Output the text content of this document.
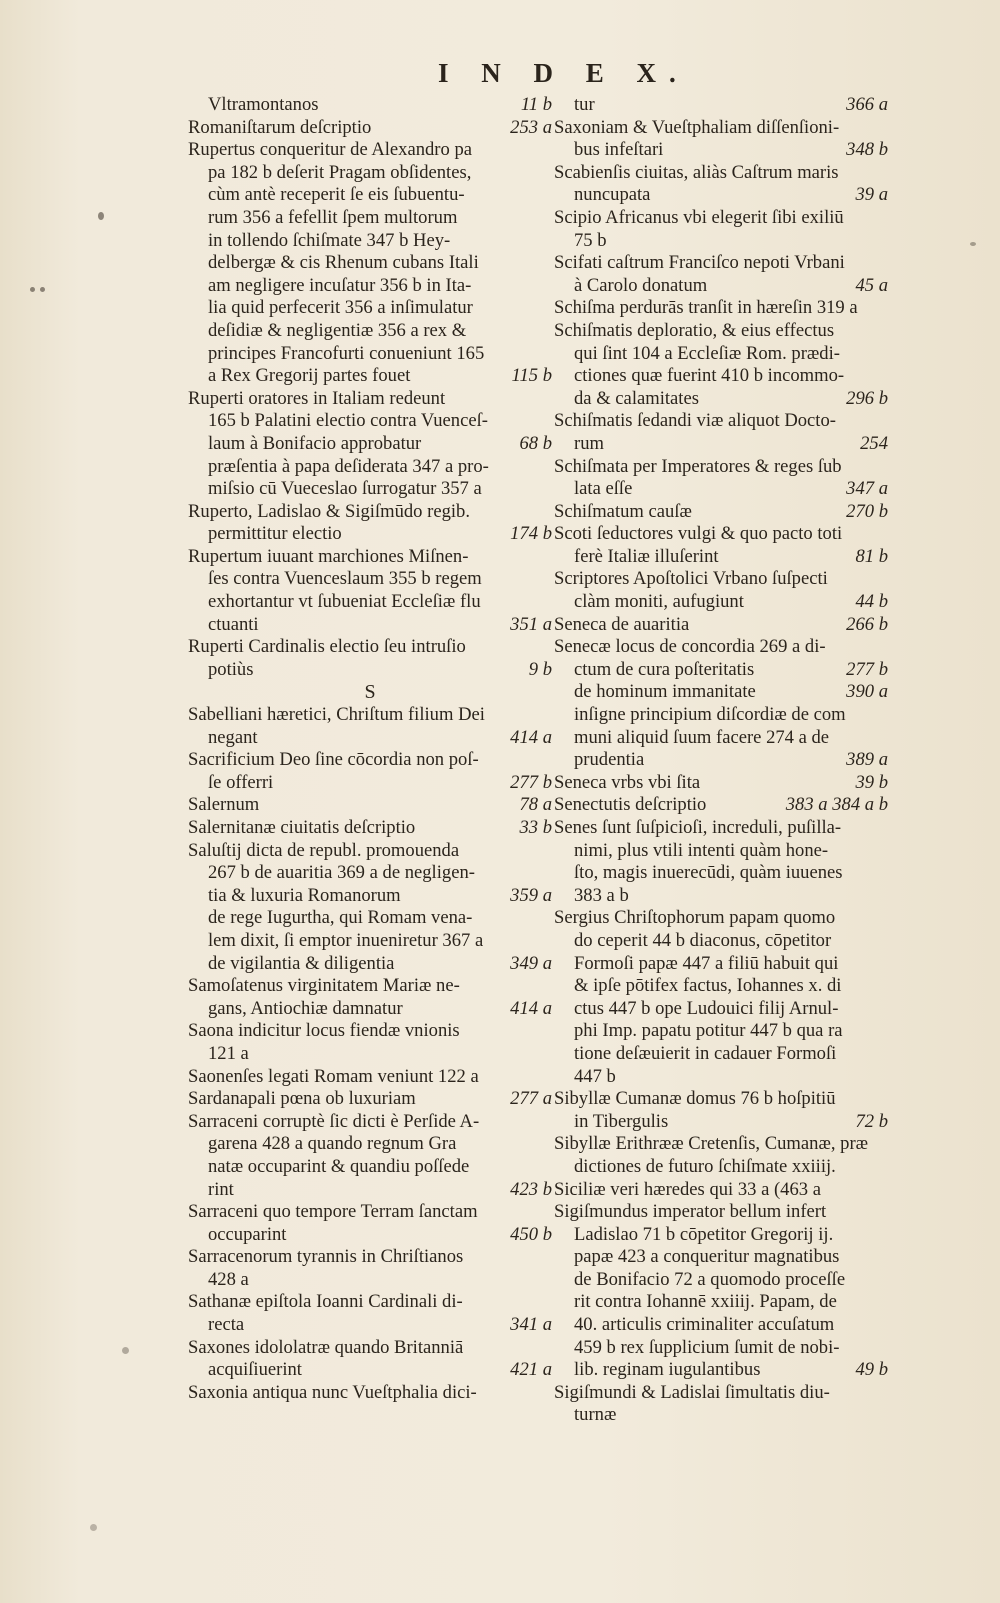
I N D E X.
Vltramontanos	11 b
Romaniſtarum deſcriptio	253 a
Rupertus conqueritur de Alexandro pa
pa 182 b deſerit Pragam obſidentes,
cùm antè receperit ſe eis ſubuentu-
rum 356 a fefellit ſpem multorum
in tollendo ſchiſmate 347 b Hey-
delbergæ & cis Rhenum cubans Itali
am negligere incuſatur 356 b in Ita-
lia quid perfecerit 356 a inſimulatur
deſidiæ & negligentiæ 356 a rex &
principes Francofurti conueniunt 165
a Rex Gregorij partes fouet	115 b
Ruperti oratores in Italiam redeunt
165 b Palatini electio contra Vuenceſ-
laum à Bonifacio approbatur	68 b
præſentia à papa deſiderata 347 a pro-
miſsio cū Vueceslao ſurrogatur 357 a
Ruperto, Ladislao & Sigiſmūdo regib.
permittitur electio	174 b
Rupertum iuuant marchiones Miſnen-
ſes contra Vuenceslaum 355 b regem
exhortantur vt ſubueniat Eccleſiæ flu
ctuanti	351 a
Ruperti Cardinalis electio ſeu intruſio
potiùs	9 b
S
Sabelliani hæretici, Chriſtum filium Dei
negant	414 a
Sacrificium Deo ſine cōcordia non poſ-
ſe offerri	277 b
Salernum	78 a
Salernitanæ ciuitatis deſcriptio	33 b
Saluſtij dicta de republ. promouenda
267 b de auaritia 369 a de negligen-
tia & luxuria Romanorum	359 a
de rege Iugurtha, qui Romam vena-
lem dixit, ſi emptor inueniretur 367 a
de vigilantia & diligentia	349 a
Samoſatenus virginitatem Mariæ ne-
gans, Antiochiæ damnatur	414 a
Saona indicitur locus fiendæ vnionis
121 a
Saonenſes legati Romam veniunt 122 a
Sardanapali pœna ob luxuriam	277 a
Sarraceni corruptè ſic dicti è Perſide A-
garena 428 a quando regnum Gra
natæ occuparint & quandiu poſſede
rint	423 b
Sarraceni quo tempore Terram ſanctam
occuparint	450 b
Sarracenorum tyrannis in Chriſtianos
428 a
Sathanæ epiſtola Ioanni Cardinali di-
recta	341 a
Saxones idololatræ quando Britanniā
acquiſiuerint	421 a
Saxonia antiqua nunc Vueſtphalia dici-
tur	366 a
Saxoniam & Vueſtphaliam diſſenſioni-
bus infeſtari	348 b
Scabienſis ciuitas, aliàs Caſtrum maris
nuncupata	39 a
Scipio Africanus vbi elegerit ſibi exiliū
75 b
Scifati caſtrum Franciſco nepoti Vrbani
à Carolo donatum	45 a
Schiſma perdurās tranſit in hæreſin 319 a
Schiſmatis deploratio, & eius effectus
qui ſint 104 a Eccleſiæ Rom. prædi-
ctiones quæ fuerint 410 b incommo-
da & calamitates	296 b
Schiſmatis ſedandi viæ aliquot Docto-
rum	254
Schiſmata per Imperatores & reges ſub
lata eſſe	347 a
Schiſmatum cauſæ	270 b
Scoti ſeductores vulgi & quo pacto toti
ferè Italiæ illuſerint	81 b
Scriptores Apoſtolici Vrbano ſuſpecti
clàm moniti, aufugiunt	44 b
Seneca de auaritia	266 b
Senecæ locus de concordia 269 a di-
ctum de cura poſteritatis	277 b
de hominum immanitate	390 a
inſigne principium diſcordiæ de com
muni aliquid ſuum facere 274 a de
prudentia	389 a
Seneca vrbs vbi ſita	39 b
Senectutis deſcriptio	383 a 384 a b
Senes ſunt ſuſpicioſi, increduli, puſilla-
nimi, plus vtili intenti quàm hone-
ſto, magis inuerecūdi, quàm iuuenes
383 a b
Sergius Chriſtophorum papam quomo
do ceperit 44 b diaconus, cōpetitor
Formoſi papæ 447 a filiū habuit qui
& ipſe pōtifex factus, Iohannes x. di
ctus 447 b ope Ludouici filij Arnul-
phi Imp. papatu potitur 447 b qua ra
tione deſæuierit in cadauer Formoſi
447 b
Sibyllæ Cumanæ domus 76 b hoſpitiū
in Tibergulis	72 b
Sibyllæ Erithrææ Cretenſis, Cumanæ, præ
dictiones de futuro ſchiſmate xxiiij.
Siciliæ veri hæredes qui 33 a (463 a
Sigiſmundus imperator bellum infert
Ladislao 71 b cōpetitor Gregorij ij.
papæ 423 a conqueritur magnatibus
de Bonifacio 72 a quomodo proceſſe
rit contra Iohannē xxiiij. Papam, de
40. articulis criminaliter accuſatum
459 b rex ſupplicium ſumit de nobi-
lib. reginam iugulantibus	49 b
Sigiſmundi & Ladislai ſimultatis diu-
turnæ
